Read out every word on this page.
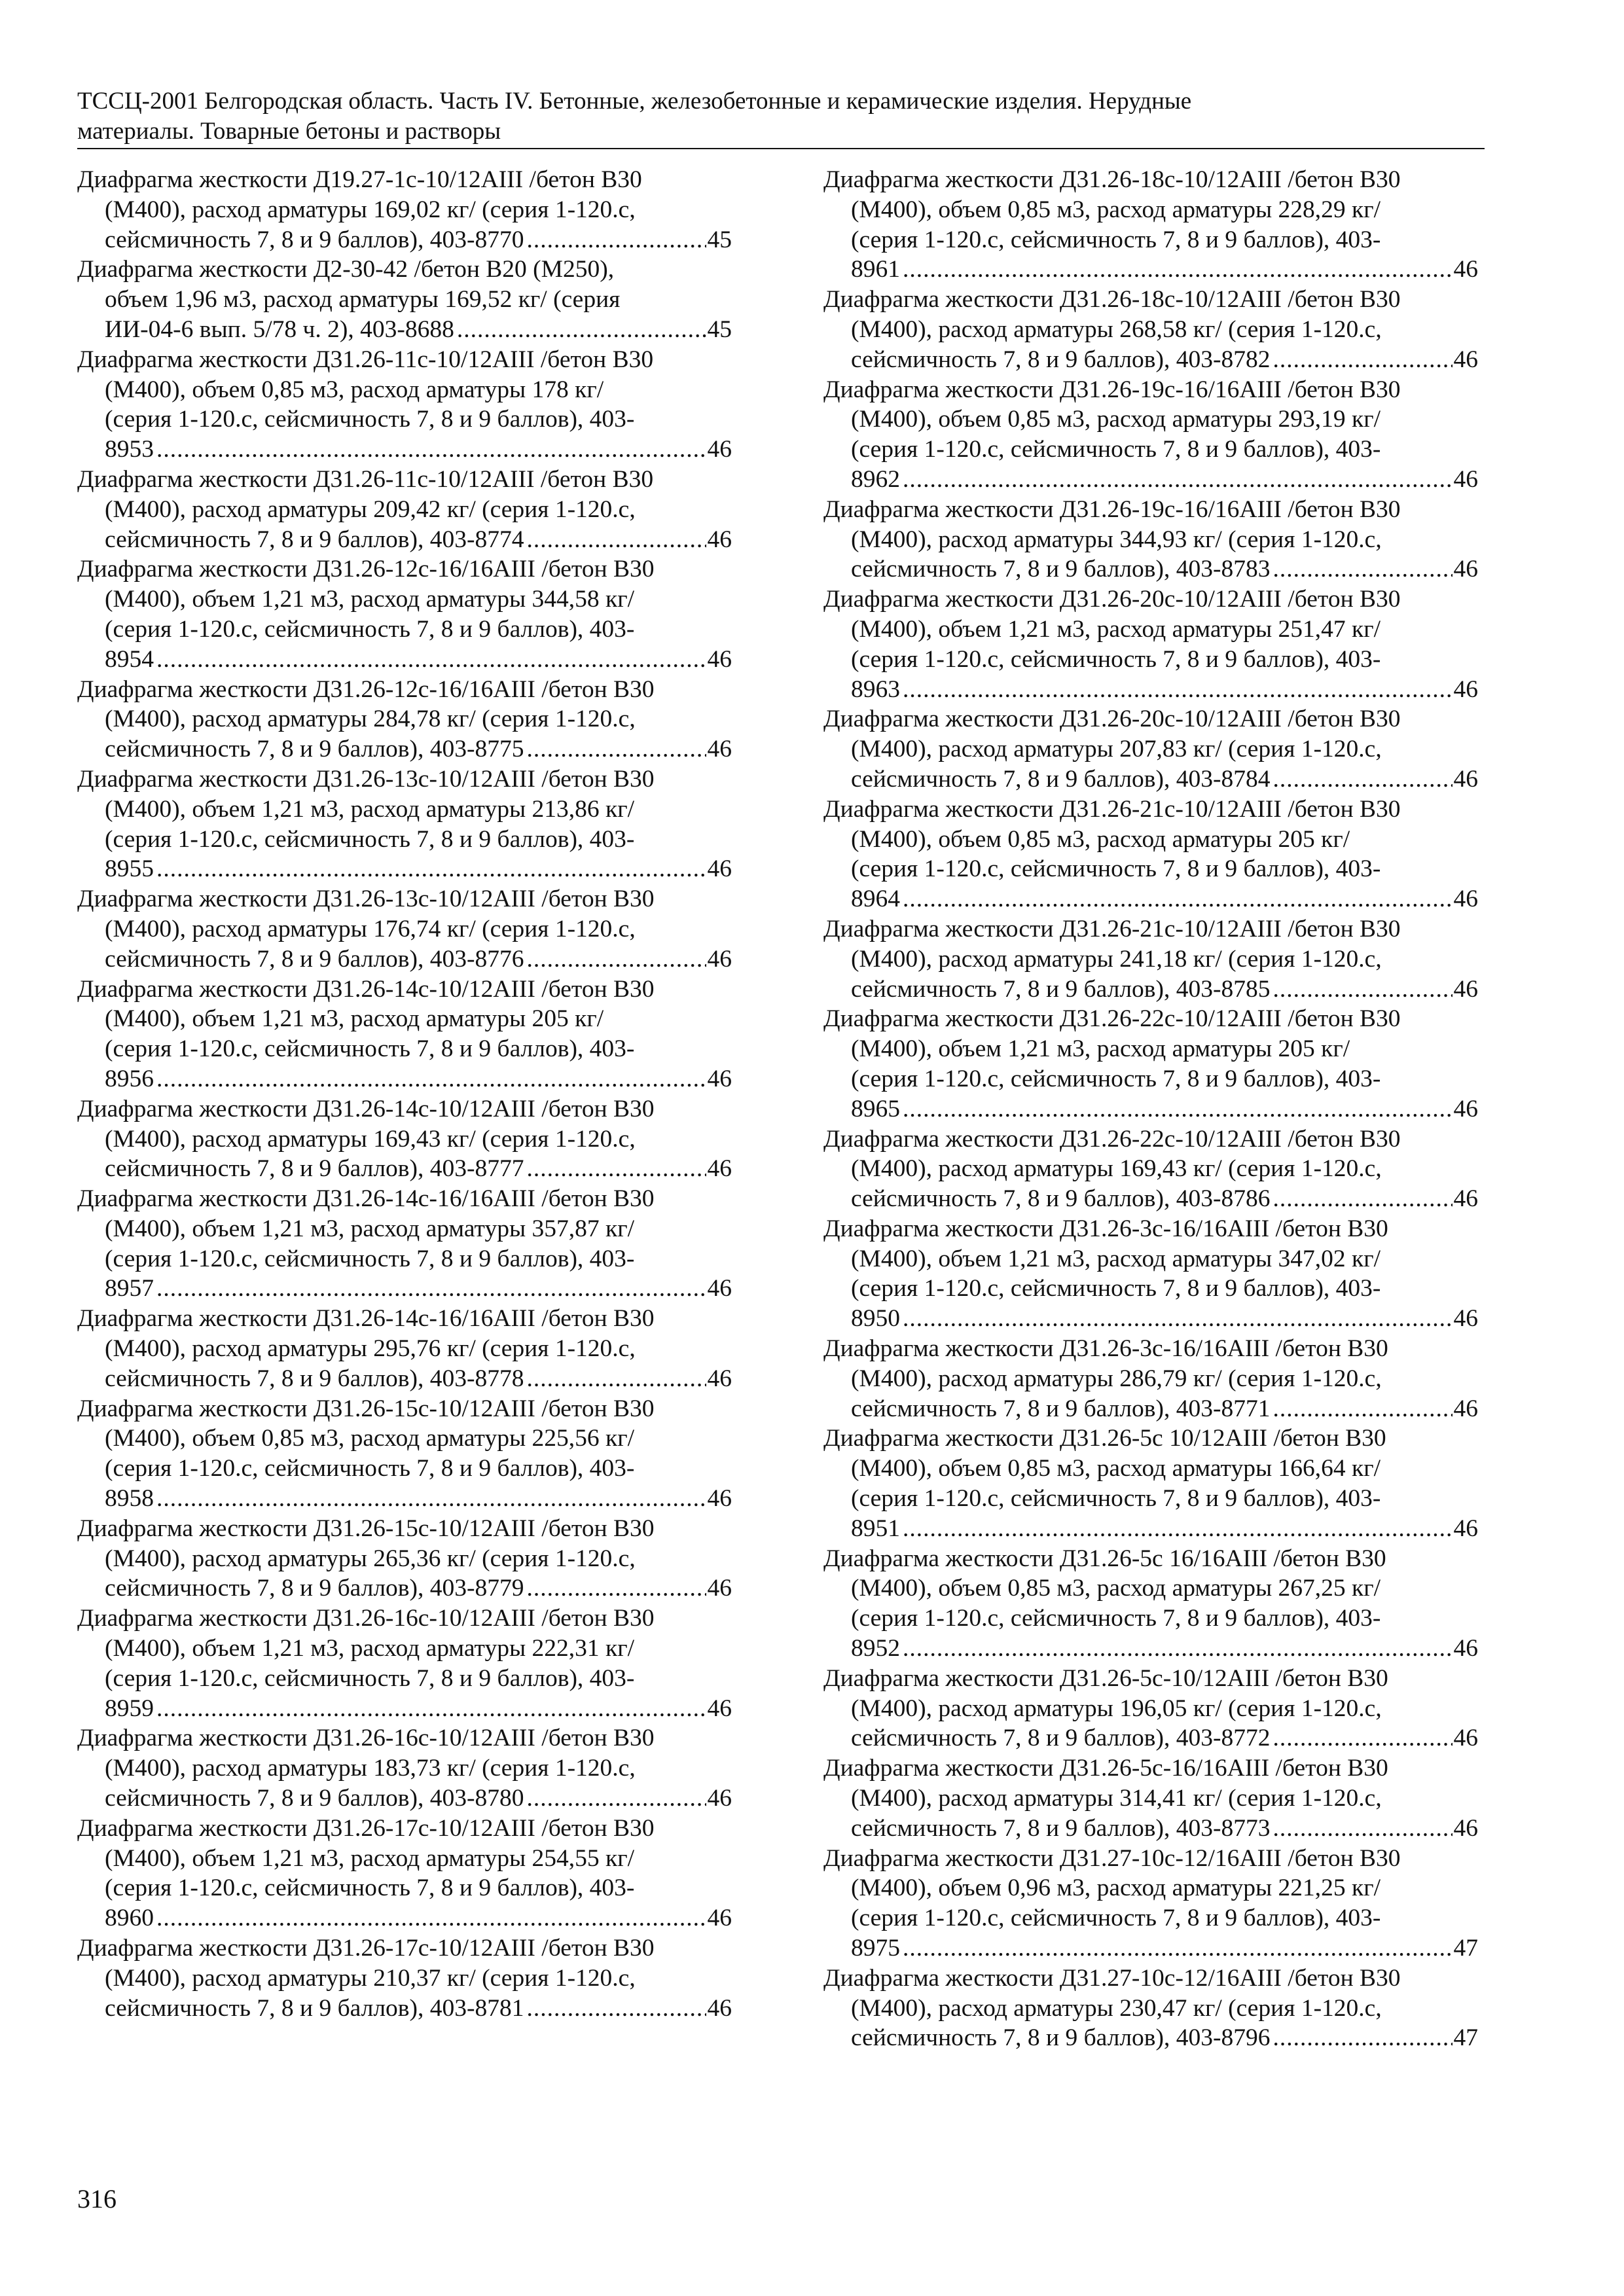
ТССЦ-2001 Белгородская область. Часть IV. Бетонные, железобетонные и керамические изделия. Нерудные
материалы. Товарные бетоны и растворы
Диафрагма жесткости Д19.27-1с-10/12АIII /бетон В30
(М400), расход арматуры 169,02 кг/ (серия 1-120.с,
сейсмичность 7, 8 и 9 баллов), 403-8770 .....	45
Диафрагма жесткости Д2-30-42 /бетон В20 (М250),
объем 1,96 м3, расход арматуры 169,52 кг/ (серия
ИИ-04-6 вып. 5/78 ч. 2), 403-8688 .....	45
Диафрагма жесткости Д31.26-11с-10/12АIII /бетон В30
(М400), объем 0,85 м3, расход арматуры 178 кг/
(серия 1-120.с, сейсмичность 7, 8 и 9 баллов), 403-
8953 .....	46
Диафрагма жесткости Д31.26-11с-10/12АIII /бетон В30
(М400), расход арматуры 209,42 кг/ (серия 1-120.с,
сейсмичность 7, 8 и 9 баллов), 403-8774 .....	46
Диафрагма жесткости Д31.26-12с-16/16АIII /бетон В30
(М400), объем 1,21 м3, расход арматуры 344,58 кг/
(серия 1-120.с, сейсмичность 7, 8 и 9 баллов), 403-
8954 .....	46
Диафрагма жесткости Д31.26-12с-16/16АIII /бетон В30
(М400), расход арматуры 284,78 кг/ (серия 1-120.с,
сейсмичность 7, 8 и 9 баллов), 403-8775 .....	46
Диафрагма жесткости Д31.26-13с-10/12АIII /бетон В30
(М400), объем 1,21 м3, расход арматуры 213,86 кг/
(серия 1-120.с, сейсмичность 7, 8 и 9 баллов), 403-
8955 .....	46
Диафрагма жесткости Д31.26-13с-10/12АIII /бетон В30
(М400), расход арматуры 176,74 кг/ (серия 1-120.с,
сейсмичность 7, 8 и 9 баллов), 403-8776 .....	46
Диафрагма жесткости Д31.26-14с-10/12АIII /бетон В30
(М400), объем 1,21 м3, расход арматуры 205 кг/
(серия 1-120.с, сейсмичность 7, 8 и 9 баллов), 403-
8956 .....	46
Диафрагма жесткости Д31.26-14с-10/12АIII /бетон В30
(М400), расход арматуры 169,43 кг/ (серия 1-120.с,
сейсмичность 7, 8 и 9 баллов), 403-8777 .....	46
Диафрагма жесткости Д31.26-14с-16/16АIII /бетон В30
(М400), объем 1,21 м3, расход арматуры 357,87 кг/
(серия 1-120.с, сейсмичность 7, 8 и 9 баллов), 403-
8957 .....	46
Диафрагма жесткости Д31.26-14с-16/16АIII /бетон В30
(М400), расход арматуры 295,76 кг/ (серия 1-120.с,
сейсмичность 7, 8 и 9 баллов), 403-8778 .....	46
Диафрагма жесткости Д31.26-15с-10/12АIII /бетон В30
(М400), объем 0,85 м3, расход арматуры 225,56 кг/
(серия 1-120.с, сейсмичность 7, 8 и 9 баллов), 403-
8958 .....	46
Диафрагма жесткости Д31.26-15с-10/12АIII /бетон В30
(М400), расход арматуры 265,36 кг/ (серия 1-120.с,
сейсмичность 7, 8 и 9 баллов), 403-8779 .....	46
Диафрагма жесткости Д31.26-16с-10/12АIII /бетон В30
(М400), объем 1,21 м3, расход арматуры 222,31 кг/
(серия 1-120.с, сейсмичность 7, 8 и 9 баллов), 403-
8959 .....	46
Диафрагма жесткости Д31.26-16с-10/12АIII /бетон В30
(М400), расход арматуры 183,73 кг/ (серия 1-120.с,
сейсмичность 7, 8 и 9 баллов), 403-8780 .....	46
Диафрагма жесткости Д31.26-17с-10/12АIII /бетон В30
(М400), объем 1,21 м3, расход арматуры 254,55 кг/
(серия 1-120.с, сейсмичность 7, 8 и 9 баллов), 403-
8960 .....	46
Диафрагма жесткости Д31.26-17с-10/12АIII /бетон В30
(М400), расход арматуры 210,37 кг/ (серия 1-120.с,
сейсмичность 7, 8 и 9 баллов), 403-8781 .....	46
Диафрагма жесткости Д31.26-18с-10/12АIII /бетон В30
(М400), объем 0,85 м3, расход арматуры 228,29 кг/
(серия 1-120.с, сейсмичность 7, 8 и 9 баллов), 403-
8961 .....	46
Диафрагма жесткости Д31.26-18с-10/12АIII /бетон В30
(М400), расход арматуры 268,58 кг/ (серия 1-120.с,
сейсмичность 7, 8 и 9 баллов), 403-8782 .....	46
Диафрагма жесткости Д31.26-19с-16/16АIII /бетон В30
(М400), объем 0,85 м3, расход арматуры 293,19 кг/
(серия 1-120.с, сейсмичность 7, 8 и 9 баллов), 403-
8962 .....	46
Диафрагма жесткости Д31.26-19с-16/16АIII /бетон В30
(М400), расход арматуры 344,93 кг/ (серия 1-120.с,
сейсмичность 7, 8 и 9 баллов), 403-8783 .....	46
Диафрагма жесткости Д31.26-20с-10/12АIII /бетон В30
(М400), объем 1,21 м3, расход арматуры 251,47 кг/
(серия 1-120.с, сейсмичность 7, 8 и 9 баллов), 403-
8963 .....	46
Диафрагма жесткости Д31.26-20с-10/12АIII /бетон В30
(М400), расход арматуры 207,83 кг/ (серия 1-120.с,
сейсмичность 7, 8 и 9 баллов), 403-8784 .....	46
Диафрагма жесткости Д31.26-21с-10/12АIII /бетон В30
(М400), объем 0,85 м3, расход арматуры 205 кг/
(серия 1-120.с, сейсмичность 7, 8 и 9 баллов), 403-
8964 .....	46
Диафрагма жесткости Д31.26-21с-10/12АIII /бетон В30
(М400), расход арматуры 241,18 кг/ (серия 1-120.с,
сейсмичность 7, 8 и 9 баллов), 403-8785 .....	46
Диафрагма жесткости Д31.26-22с-10/12АIII /бетон В30
(М400), объем 1,21 м3, расход арматуры 205 кг/
(серия 1-120.с, сейсмичность 7, 8 и 9 баллов), 403-
8965 .....	46
Диафрагма жесткости Д31.26-22с-10/12АIII /бетон В30
(М400), расход арматуры 169,43 кг/ (серия 1-120.с,
сейсмичность 7, 8 и 9 баллов), 403-8786 .....	46
Диафрагма жесткости Д31.26-3с-16/16АIII /бетон В30
(М400), объем 1,21 м3, расход арматуры 347,02 кг/
(серия 1-120.с, сейсмичность 7, 8 и 9 баллов), 403-
8950 .....	46
Диафрагма жесткости Д31.26-3с-16/16АIII /бетон В30
(М400), расход арматуры 286,79 кг/ (серия 1-120.с,
сейсмичность 7, 8 и 9 баллов), 403-8771 .....	46
Диафрагма жесткости Д31.26-5с 10/12АIII /бетон В30
(М400), объем 0,85 м3, расход арматуры 166,64 кг/
(серия 1-120.с, сейсмичность 7, 8 и 9 баллов), 403-
8951 .....	46
Диафрагма жесткости Д31.26-5с 16/16АIII /бетон В30
(М400), объем 0,85 м3, расход арматуры 267,25 кг/
(серия 1-120.с, сейсмичность 7, 8 и 9 баллов), 403-
8952 .....	46
Диафрагма жесткости Д31.26-5с-10/12АIII /бетон В30
(М400), расход арматуры 196,05 кг/ (серия 1-120.с,
сейсмичность 7, 8 и 9 баллов), 403-8772 .....	46
Диафрагма жесткости Д31.26-5с-16/16АIII /бетон В30
(М400), расход арматуры 314,41 кг/ (серия 1-120.с,
сейсмичность 7, 8 и 9 баллов), 403-8773 .....	46
Диафрагма жесткости Д31.27-10с-12/16АIII /бетон В30
(М400), объем 0,96 м3, расход арматуры 221,25 кг/
(серия 1-120.с, сейсмичность 7, 8 и 9 баллов), 403-
8975 .....	47
Диафрагма жесткости Д31.27-10с-12/16АIII /бетон В30
(М400), расход арматуры 230,47 кг/ (серия 1-120.с,
сейсмичность 7, 8 и 9 баллов), 403-8796 .....	47
316
